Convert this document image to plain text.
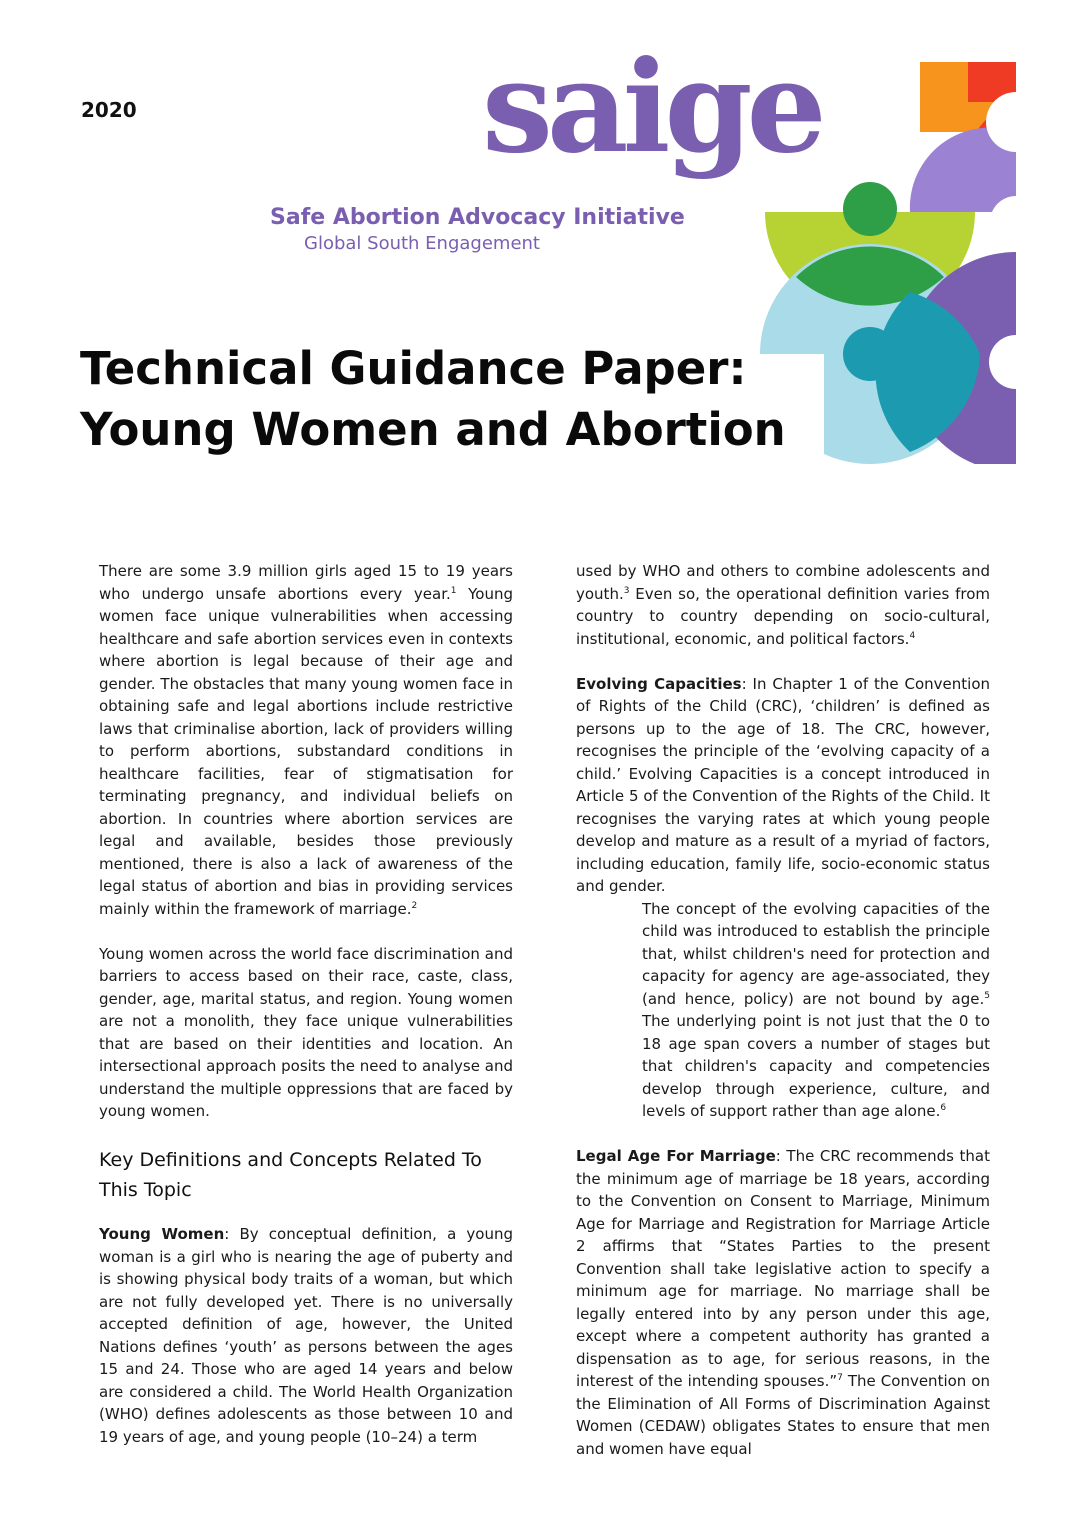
2020	saige
Safe Abortion Advocacy Initiative
Global South Engagement
Technical Guidance Paper:
Young Women and Abortion

There are some 3.9 million girls aged 15 to 19 years who undergo unsafe abortions every year.$^1$ Young women face unique vulnerabilities when accessing healthcare and safe abortion services even in contexts where abortion is legal because of their age and gender. The obstacles that many young women face in obtaining safe and legal abortions include restrictive laws that criminalise abortion, lack of providers willing to perform abortions, substandard conditions in healthcare facilities, fear of stigmatisation for terminating pregnancy, and individual beliefs on abortion. In countries where abortion services are legal and available, besides those previously mentioned, there is also a lack of awareness of the legal status of abortion and bias in providing services mainly within the framework of marriage.$^2$

Young women across the world face discrimination and barriers to access based on their race, caste, class, gender, age, marital status, and region. Young women are not a monolith, they face unique vulnerabilities that are based on their identities and location. An intersectional approach posits the need to analyse and understand the multiple oppressions that are faced by young women.

Key Definitions and Concepts Related To This Topic

Young Women: By conceptual definition, a young woman is a girl who is nearing the age of puberty and is showing physical body traits of a woman, but which are not fully developed yet. There is no universally accepted definition of age, however, the United Nations defines ‘youth’ as persons between the ages 15 and 24. Those who are aged 14 years and below are considered a child. The World Health Organization (WHO) defines adolescents as those between 10 and 19 years of age, and young people (10–24) a term

used by WHO and others to combine adolescents and youth.$^3$ Even so, the operational definition varies from country to country depending on socio-cultural, institutional, economic, and political factors.$^4$

Evolving Capacities: In Chapter 1 of the Convention of Rights of the Child (CRC), ‘children’ is defined as persons up to the age of 18. The CRC, however, recognises the principle of the ‘evolving capacity of a child.’ Evolving Capacities is a concept introduced in Article 5 of the Convention of the Rights of the Child. It recognises the varying rates at which young people develop and mature as a result of a myriad of factors, including education, family life, socio-economic status and gender.

The concept of the evolving capacities of the child was introduced to establish the principle that, whilst children's need for protection and capacity for agency are age-associated, they (and hence, policy) are not bound by age.$^5$ The underlying point is not just that the 0 to 18 age span covers a number of stages but that children's capacity and competencies develop through experience, culture, and levels of support rather than age alone.$^6$

Legal Age For Marriage: The CRC recommends that the minimum age of marriage be 18 years, according to the Convention on Consent to Marriage, Minimum Age for Marriage and Registration for Marriage Article 2 affirms that “States Parties to the present Convention shall take legislative action to specify a minimum age for marriage. No marriage shall be legally entered into by any person under this age, except where a competent authority has granted a dispensation as to age, for serious reasons, in the interest of the intending spouses.”$^7$ The Convention on the Elimination of All Forms of Discrimination Against Women (CEDAW) obligates States to ensure that men and women have equal
